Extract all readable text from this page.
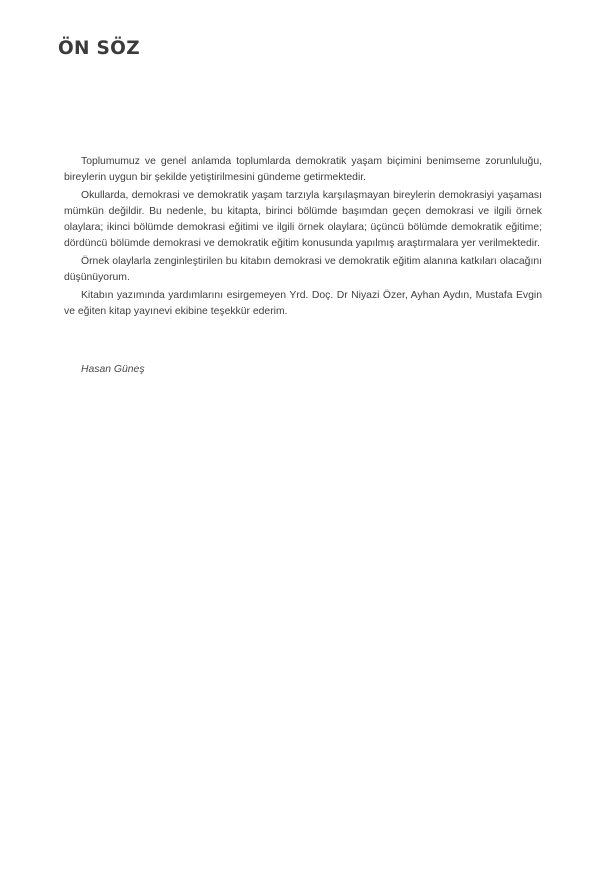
ÖN SÖZ

Toplumumuz ve genel anlamda toplumlarda demokratik yaşam biçimini benimseme zorunluluğu, bireylerin uygun bir şekilde yetiştirilmesini gündeme getirmektedir.

Okullarda, demokrasi ve demokratik yaşam tarzıyla karşılaşmayan bireylerin demokrasiyi yaşaması mümkün değildir. Bu nedenle, bu kitapta, birinci bölümde başımdan geçen demokrasi ve ilgili örnek olaylara; ikinci bölümde demokrasi eğitimi ve ilgili örnek olaylara; üçüncü bölümde demokratik eğitime; dördüncü bölümde demokrasi ve demokratik eğitim konusunda yapılmış araştırmalara yer verilmektedir.

Örnek olaylarla zenginleştirilen bu kitabın demokrasi ve demokratik eğitim alanına katkıları olacağını düşünüyorum.

Kitabın yazımında yardımlarını esirgemeyen Yrd. Doç. Dr Niyazi Özer, Ayhan Aydın, Mustafa Evgin ve eğiten kitap yayınevi ekibine teşekkür ederim.

Hasan Güneş
